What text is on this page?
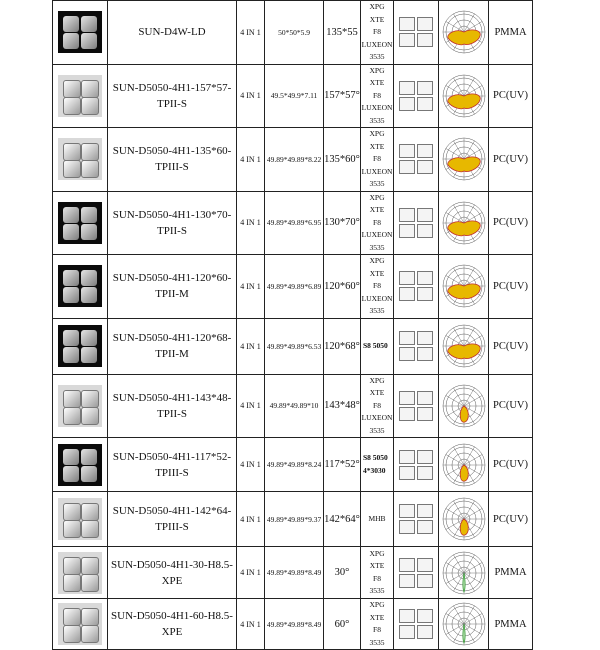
	SUN-D4W-LD	4 IN 1	50*50*5.9	135*55	XPG
XTE
F8
LUXEON
3535			PMMA

	SUN-D5050-4H1-157*57-TPII-S	4 IN 1	49.5*49.9*7.11	157*57°	XPG
XTE
F8
LUXEON
3535			PC(UV)

	SUN-D5050-4H1-135*60-TPIII-S	4 IN 1	49.89*49.89*8.22	135*60°	XPG
XTE
F8
LUXEON
3535			PC(UV)

	SUN-D5050-4H1-130*70-TPII-S	4 IN 1	49.89*49.89*6.95	130*70°	XPG
XTE
F8
LUXEON
3535			PC(UV)

	SUN-D5050-4H1-120*60-TPII-M	4 IN 1	49.89*49.89*6.89	120*60°	XPG
XTE
F8
LUXEON
3535			PC(UV)

	SUN-D5050-4H1-120*68-TPII-M	4 IN 1	49.89*49.89*6.53	120*68°	S8 5050			PC(UV)

	SUN-D5050-4H1-143*48-TPII-S	4 IN 1	49.89*49.89*10	143*48°	XPG
XTE
F8
LUXEON
3535			PC(UV)

	SUN-D5050-4H1-117*52-TPIII-S	4 IN 1	49.89*49.89*8.24	117*52°	S8 5050
4*3030			PC(UV)

	SUN-D5050-4H1-142*64-TPIII-S	4 IN 1	49.89*49.89*9.37	142*64°	MHB			PC(UV)

	SUN-D5050-4H1-30-H8.5-XPE	4 IN 1	49.89*49.89*8.49	30°	XPG
XTE
F8
3535			PMMA

	SUN-D5050-4H1-60-H8.5-XPE	4 IN 1	49.89*49.89*8.49	60°	XPG
XTE
F8
3535			PMMA
